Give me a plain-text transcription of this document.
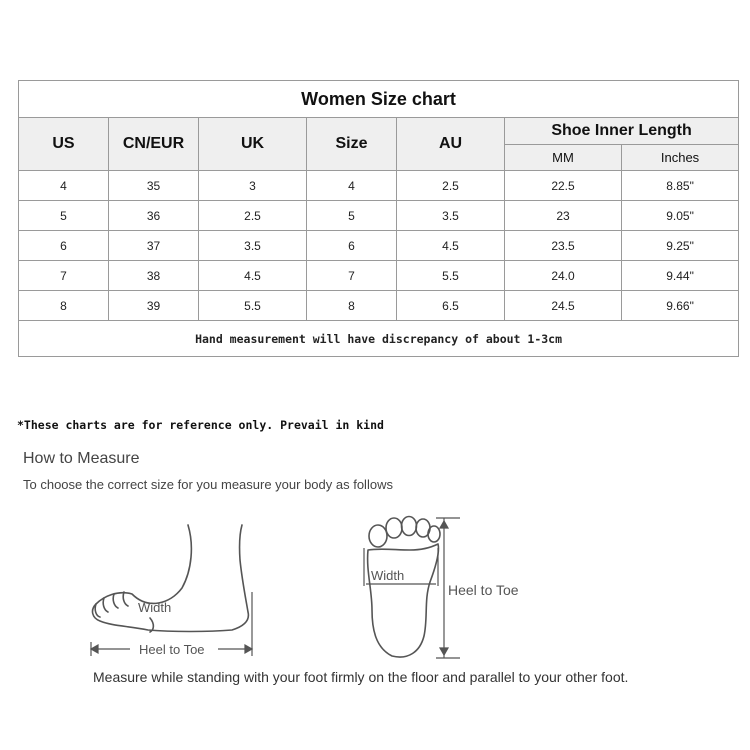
Women Size chart						
US	CN/EUR	UK	Size	AU	Shoe Inner Length	
					MM	Inches
4	35	3	4	2.5	22.5	8.85"
5	36	2.5	5	3.5	23	9.05"
6	37	3.5	6	4.5	23.5	9.25"
7	38	4.5	7	5.5	24.0	9.44"
8	39	5.5	8	6.5	24.5	9.66"
Hand measurement will have discrepancy of about 1-3cm						
*These charts are for reference only. Prevail in kind
How to Measure
To choose the correct size for you measure your body as follows
Width
Heel to Toe
Width
Heel to Toe
Measure while standing with your foot firmly on the floor and parallel to your other foot.
